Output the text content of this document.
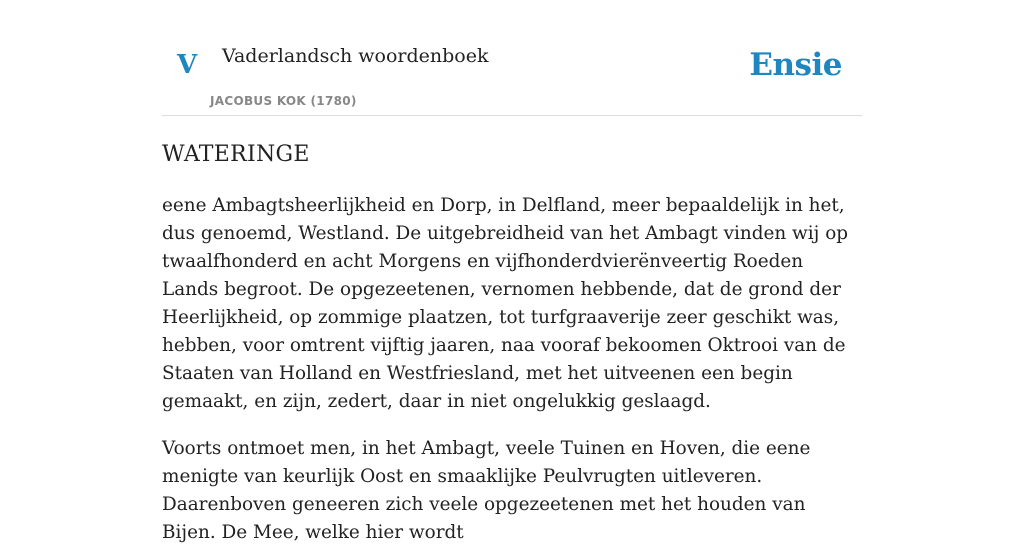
V Vaderlandsch woordenboek
JACOBUS KOK (1780)
Ensie
WATERINGE

eene Ambagtsheerlijkheid en Dorp, in Delfland, meer bepaaldelijk in het, dus genoemd, Westland. De uitgebreidheid van het Ambagt vinden wij op twaalfhonderd en acht Morgens en vijfhonderdvierënveertig Roeden Lands begroot. De opgezeetenen, vernomen hebbende, dat de grond der Heerlijkheid, op zommige plaatzen, tot turfgraaverije zeer geschikt was, hebben, voor omtrent vijftig jaaren, naa vooraf bekoomen Oktrooi van de Staaten van Holland en Westfriesland, met het uitveenen een begin gemaakt, en zijn, zedert, daar in niet ongelukkig geslaagd.

Voorts ontmoet men, in het Ambagt, veele Tuinen en Hoven, die eene menigte van keurlijk Oost en smaaklijke Peulvrugten uitleveren. Daarenboven geneeren zich veele opgezeetenen met het houden van Bijen. De Mee, welke hier wordt
